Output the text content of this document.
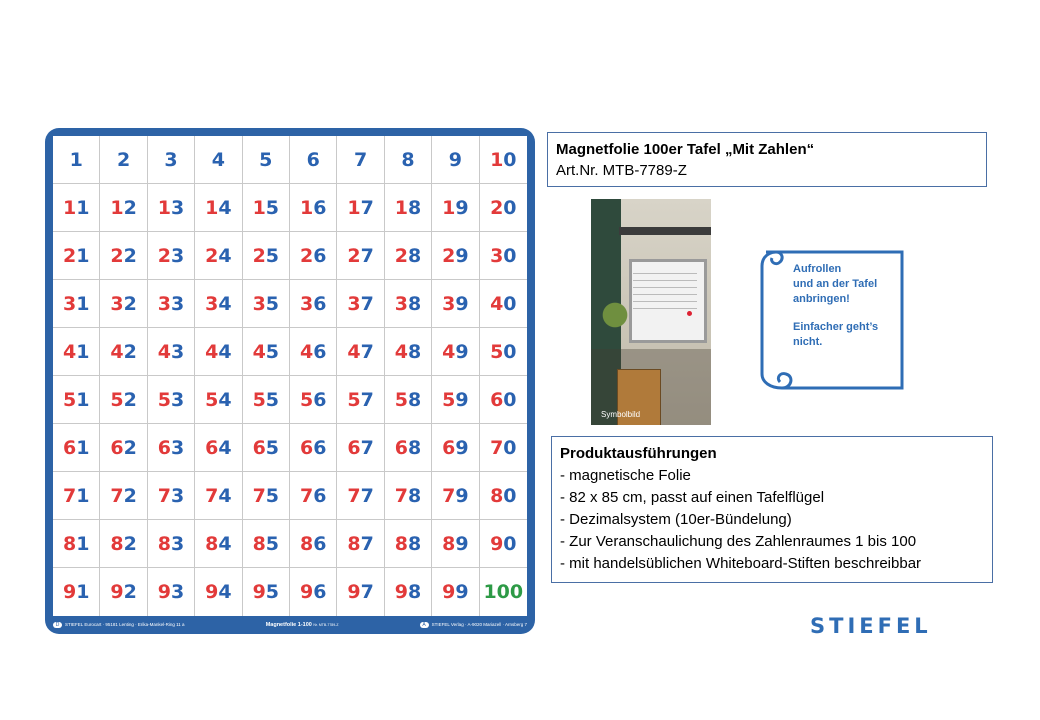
1 2 3 4 5 6 7 8 9 10
11 12 13 14 15 16 17 18 19 20
21 22 23 24 25 26 27 28 29 30
31 32 33 34 35 36 37 38 39 40
41 42 43 44 45 46 47 48 49 50
51 52 53 54 55 56 57 58 59 60
61 62 63 64 65 66 67 68 69 70
71 72 73 74 75 76 77 78 79 80
81 82 83 84 85 86 87 88 89 90
91 92 93 94 95 96 97 98 99 100
D STIEFEL Eurocart · 95181 Lenting · Erika-Mankel-Ring 11 a	Magnetfolie 1-100 Nr. MTB-7789-Z	A STIEFEL Verlag · A-9020 Mariazell · Arnsberg 7
Magnetfolie 100er Tafel „Mit Zahlen“
Art.Nr. MTB-7789-Z
Symbolbild

Aufrollen

und an der Tafel

anbringen!

Einfacher geht’s

nicht.

Produktausführungen
- magnetische Folie
- 82 x 85 cm, passt auf einen Tafelflügel
- Dezimalsystem (10er-Bündelung)
- Zur Veranschaulichung des Zahlenraumes 1 bis 100
- mit handelsüblichen Whiteboard-Stiften beschreibbar
STIEFEL
